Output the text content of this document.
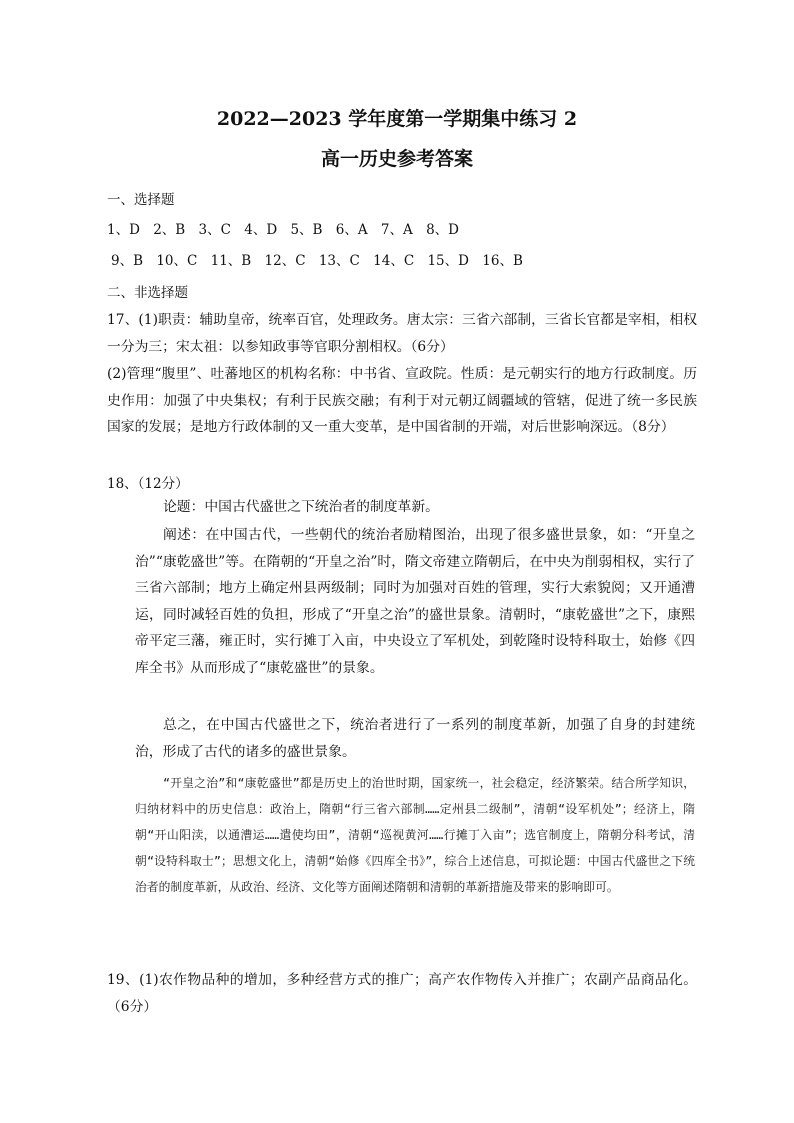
2022—2023 学年度第一学期集中练习 2
高一历史参考答案
一、选择题
1、D 2、B 3、C 4、D 5、B 6、A 7、A 8、D
9、B 10、C 11、B 12、C 13、C 14、C 15、D 16、B
二、非选择题

17、(1)职责：辅助皇帝，统率百官，处理政务。唐太宗：三省六部制，三省长官都是宰相，相权一分为三；宋太祖：以参知政事等官职分割相权。（6分）

(2)管理“腹里”、吐蕃地区的机构名称：中书省、宣政院。性质：是元朝实行的地方行政制度。历史作用：加强了中央集权；有利于民族交融；有利于对元朝辽阔疆域的管辖，促进了统一多民族国家的发展；是地方行政体制的又一重大变革，是中国省制的开端，对后世影响深远。（8分）

18、（12分）

论题：中国古代盛世之下统治者的制度革新。

阐述：在中国古代，一些朝代的统治者励精图治，出现了很多盛世景象，如：“开皇之治”“康乾盛世”等。在隋朝的“开皇之治”时，隋文帝建立隋朝后，在中央为削弱相权，实行了三省六部制；地方上确定州县两级制；同时为加强对百姓的管理，实行大索貌阅；又开通漕运，同时减轻百姓的负担，形成了“开皇之治”的盛世景象。清朝时，“康乾盛世”之下，康熙帝平定三藩，雍正时，实行摊丁入亩，中央设立了军机处，到乾隆时设特科取士，始修《四库全书》从而形成了“康乾盛世”的景象。

总之，在中国古代盛世之下，统治者进行了一系列的制度革新，加强了自身的封建统治，形成了古代的诸多的盛世景象。

“开皇之治”和“康乾盛世”都是历史上的治世时期，国家统一，社会稳定，经济繁荣。结合所学知识，归纳材料中的历史信息：政治上，隋朝“行三省六部制……定州县二级制”，清朝“设军机处”；经济上，隋朝“开山阳渎，以通漕运……遣使均田”，清朝“巡视黄河……行摊丁入亩”；选官制度上，隋朝分科考试，清朝“设特科取士”；思想文化上，清朝“始修《四库全书》”，综合上述信息，可拟论题：中国古代盛世之下统治者的制度革新，从政治、经济、文化等方面阐述隋朝和清朝的革新措施及带来的影响即可。

19、(1)农作物品种的增加，多种经营方式的推广；高产农作物传入并推广；农副产品商品化。（6分）
